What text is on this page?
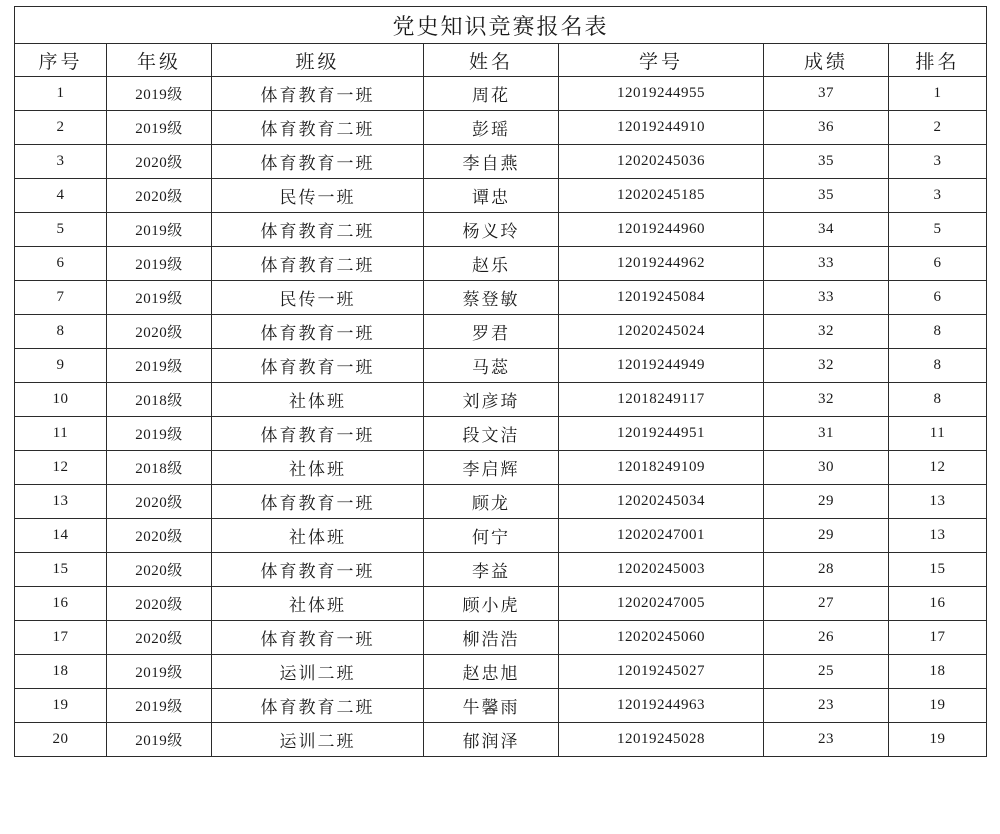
党史知识竞赛报名表						
序号	年级	班级	姓名	学号	成绩	排名
1	2019级	体育教育一班	周花	12019244955	37	1
2	2019级	体育教育二班	彭瑶	12019244910	36	2
3	2020级	体育教育一班	李自燕	12020245036	35	3
4	2020级	民传一班	谭忠	12020245185	35	3
5	2019级	体育教育二班	杨义玲	12019244960	34	5
6	2019级	体育教育二班	赵乐	12019244962	33	6
7	2019级	民传一班	蔡登敏	12019245084	33	6
8	2020级	体育教育一班	罗君	12020245024	32	8
9	2019级	体育教育一班	马蕊	12019244949	32	8
10	2018级	社体班	刘彦琦	12018249117	32	8
11	2019级	体育教育一班	段文洁	12019244951	31	11
12	2018级	社体班	李启辉	12018249109	30	12
13	2020级	体育教育一班	顾龙	12020245034	29	13
14	2020级	社体班	何宁	12020247001	29	13
15	2020级	体育教育一班	李益	12020245003	28	15
16	2020级	社体班	顾小虎	12020247005	27	16
17	2020级	体育教育一班	柳浩浩	12020245060	26	17
18	2019级	运训二班	赵忠旭	12019245027	25	18
19	2019级	体育教育二班	牛馨雨	12019244963	23	19
20	2019级	运训二班	郁润泽	12019245028	23	19
